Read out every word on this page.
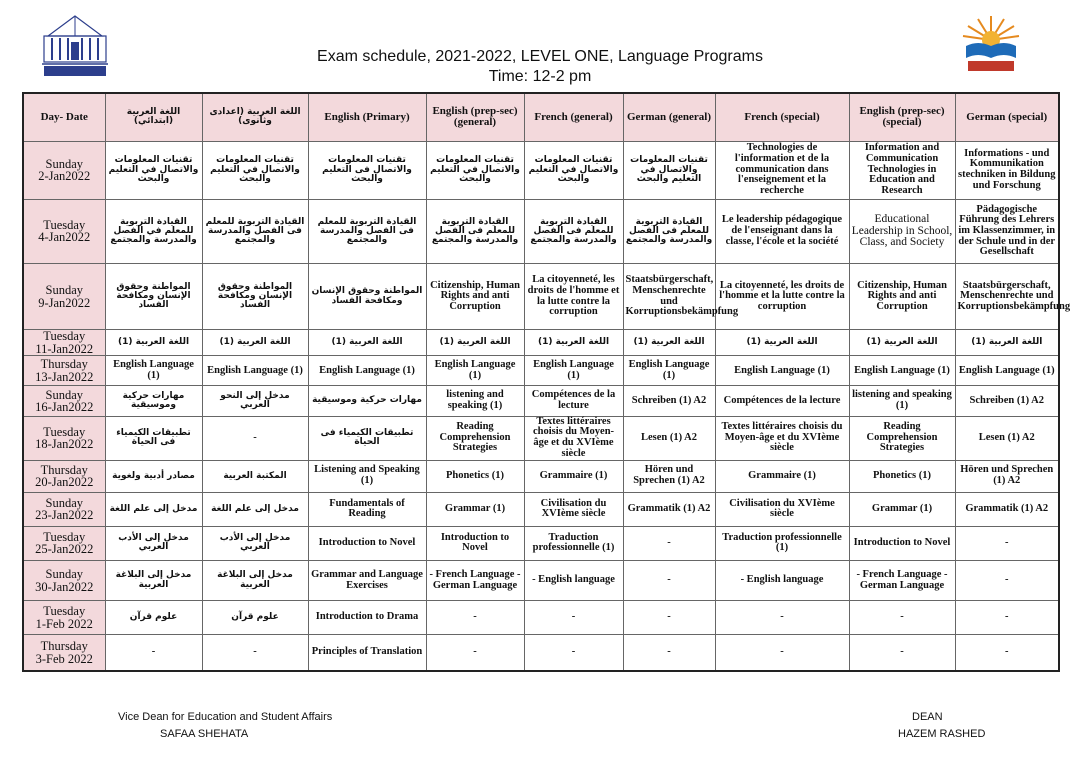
Exam schedule, 2021-2022, LEVEL ONE, Language Programs
Time: 12-2 pm
Day- Date	اللغة العربية (ابتدائي)	اللغة العربية (اعدادى وثانوى)	English (Primary)	English (prep-sec) (general)	French (general)	German (general)	French (special)	English (prep-sec) (special)	German (special)

Sunday
2-Jan2022	تقنيات المعلومات والاتصال في التعليم والبحث	تقنيات المعلومات والاتصال في التعليم والبحث	تقنيات المعلومات والاتصال فى التعليم والبحث	تقنيات المعلومات والاتصال في التعليم والبحث	تقنيات المعلومات والاتصال في التعليم والبحث	تقنيات المعلومات والاتصال في التعليم والبحث	Technologies de l'information et de la communication dans l'enseignement et la recherche	Information and Communication Technologies in Education and Research	Informations - und Kommunikation stechniken in Bildung und Forschung

Tuesday
4-Jan2022	القيادة التربوية للمعلم في الفصل والمدرسة والمجتمع	القيادة التربوية للمعلم فى الفصل والمدرسة والمجتمع	القيادة التربوية للمعلم فى الفصل والمدرسة والمجتمع	القيادة التربوية للمعلم فى الفصل والمدرسة والمجتمع	القيادة التربوية للمعلم فى الفصل والمدرسة والمجتمع	القيادة التربوية للمعلم فى الفصل والمدرسة والمجتمع	Le leadership pédagogique de l'enseignant dans la classe, l'école et la société	Educational Leadership in School, Class, and Society	Pädagogische Führung des Lehrers im Klassenzimmer, in der Schule und in der Gesellschaft

Sunday
9-Jan2022	المواطنة وحقوق الإنسان ومكافحة الفساد	المواطنة وحقوق الإنسان ومكافحة الفساد	المواطنة وحقوق الإنسان ومكافحة الفساد	Citizenship, Human Rights and anti Corruption	La citoyenneté, les droits de l'homme et la lutte contre la corruption	Staatsbürgerschaft, Menschenrechte und Korruptionsbekämpfung	La citoyenneté, les droits de l'homme et la lutte contre la corruption	Citizenship, Human Rights and anti Corruption	Staatsbürgerschaft, Menschenrechte und Korruptionsbekämpfung

Tuesday
11-Jan2022	اللغة العربية (1)	اللغة العربية (1)	اللغة العربية (1)	اللغة العربية (1)	اللغة العربية (1)	اللغة العربية (1)	اللغة العربية (1)	اللغة العربية (1)	اللغة العربية (1)

Thursday
13-Jan2022	English Language (1)	English Language (1)	English Language (1)	English Language (1)	English Language (1)	English Language (1)	English Language (1)	English Language (1)	English Language (1)

Sunday
16-Jan2022	مهارات حركية وموسيقية	مدخل إلى النحو العربي	مهارات حركية وموسيقية	listening and speaking (1)	Compétences de la lecture	Schreiben (1) A2	Compétences de la lecture	listening and speaking (1)	Schreiben (1) A2

Tuesday
18-Jan2022	تطبيقات الكيمياء فى الحياة	-	تطبيقات الكيمياء فى الحياة	Reading Comprehension Strategies	Textes littéraires choisis du Moyen-âge et du XVIème siècle	Lesen (1) A2	Textes littéraires choisis du Moyen-âge et du XVIème siècle	Reading Comprehension Strategies	Lesen (1) A2

Thursday
20-Jan2022	مصادر أدبية ولغوية	المكتبة العربية	Listening and Speaking (1)	Phonetics (1)	Grammaire (1)	Hören und Sprechen (1) A2	Grammaire (1)	Phonetics (1)	Hören und Sprechen (1) A2

Sunday
23-Jan2022	مدخل إلى علم اللغة	مدخل إلى علم اللغة	Fundamentals of Reading	Grammar (1)	Civilisation du XVIème siècle	Grammatik (1) A2	Civilisation du XVIème siècle	Grammar (1)	Grammatik (1) A2

Tuesday
25-Jan2022	مدخل إلى الأدب العربي	مدخل إلى الأدب العربي	Introduction to Novel	Introduction to Novel	Traduction professionnelle (1)	-	Traduction professionnelle (1)	Introduction to Novel	-

Sunday
30-Jan2022	مدخل إلى البلاغة العربية	مدخل إلى البلاغة العربية	Grammar and Language Exercises	- French Language - German Language	- English language	-	- English language	- French Language - German Language	-

Tuesday
1-Feb 2022	علوم قرآن	علوم قرآن	Introduction to Drama	-	-	-	-	-	-

Thursday
3-Feb 2022	-	-	Principles of Translation	-	-	-	-	-	-
Vice Dean for Education and Student Affairs
SAFAA SHEHATA
DEAN
HAZEM RASHED
